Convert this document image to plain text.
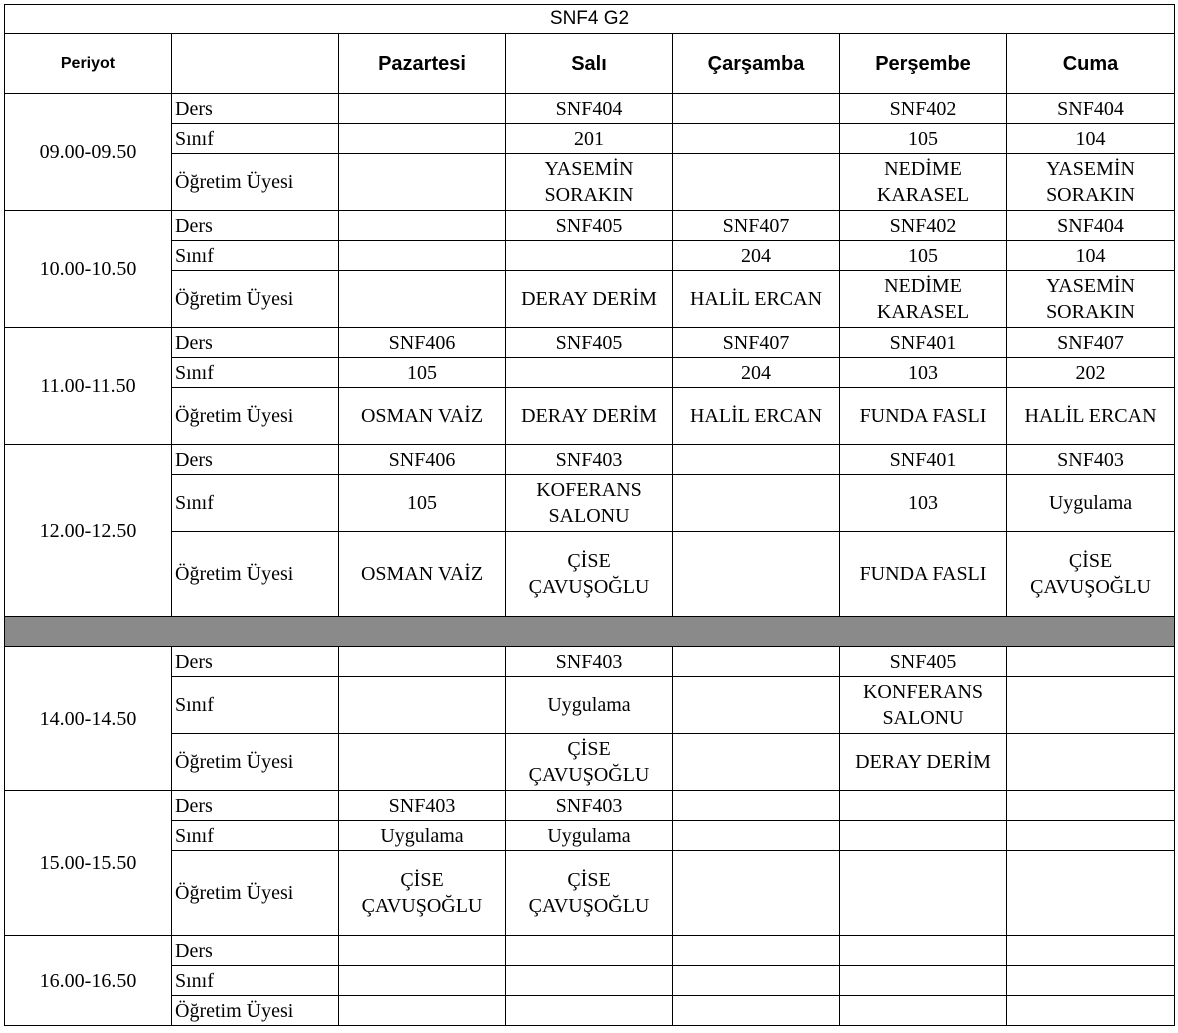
SNF4 G2						
Periyot		Pazartesi	Salı	Çarşamba	Perşembe	Cuma
09.00-09.50	Ders		SNF404		SNF402	SNF404
	Sınıf		201		105	104
	Öğretim Üyesi		YASEMİN SORAKIN		NEDİME KARASEL	YASEMİN SORAKIN
10.00-10.50	Ders		SNF405	SNF407	SNF402	SNF404
	Sınıf			204	105	104
	Öğretim Üyesi		DERAY DERİM	HALİL ERCAN	NEDİME KARASEL	YASEMİN SORAKIN
11.00-11.50	Ders	SNF406	SNF405	SNF407	SNF401	SNF407
	Sınıf	105		204	103	202
	Öğretim Üyesi	OSMAN VAİZ	DERAY DERİM	HALİL ERCAN	FUNDA FASLI	HALİL ERCAN
12.00-12.50	Ders	SNF406	SNF403		SNF401	SNF403
	Sınıf	105	KOFERANS SALONU		103	Uygulama
	Öğretim Üyesi	OSMAN VAİZ	ÇİSE ÇAVUŞOĞLU		FUNDA FASLI	ÇİSE ÇAVUŞOĞLU

14.00-14.50	Ders		SNF403		SNF405	
	Sınıf		Uygulama		KONFERANS SALONU	
	Öğretim Üyesi		ÇİSE ÇAVUŞOĞLU		DERAY DERİM	
15.00-15.50	Ders	SNF403	SNF403			
	Sınıf	Uygulama	Uygulama			
	Öğretim Üyesi	ÇİSE ÇAVUŞOĞLU	ÇİSE ÇAVUŞOĞLU			
16.00-16.50	Ders					
	Sınıf					
	Öğretim Üyesi					
